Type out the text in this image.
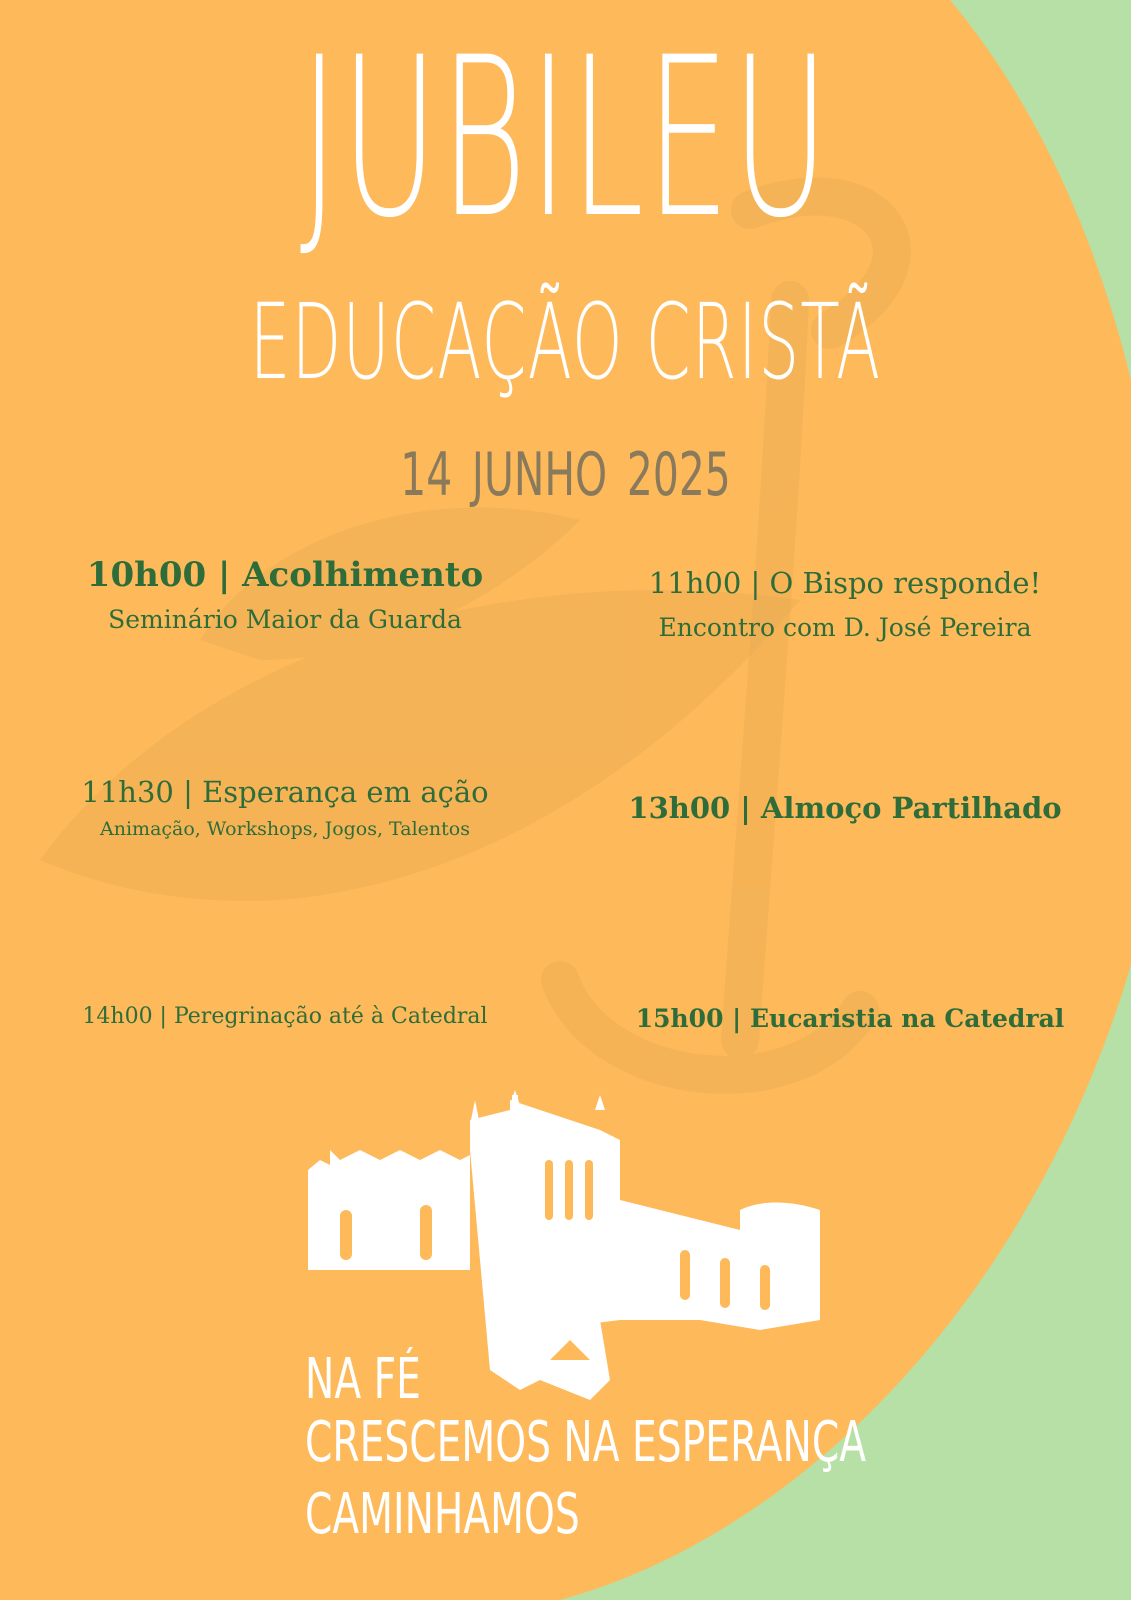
JUBILEU
EDUCAÇÃO CRISTÃ
14 JUNHO 2025
10h00 | Acolhimento
Seminário Maior da Guarda
11h00 | O Bispo responde!
Encontro com D. José Pereira
11h30 | Esperança em ação
Animação, Workshops, Jogos, Talentos
13h00 | Almoço Partilhado
14h00 | Peregrinação até à Catedral	15h00 | Eucaristia na Catedral
NA FÉ
CRESCEMOS NA ESPERANÇA
CAMINHAMOS
